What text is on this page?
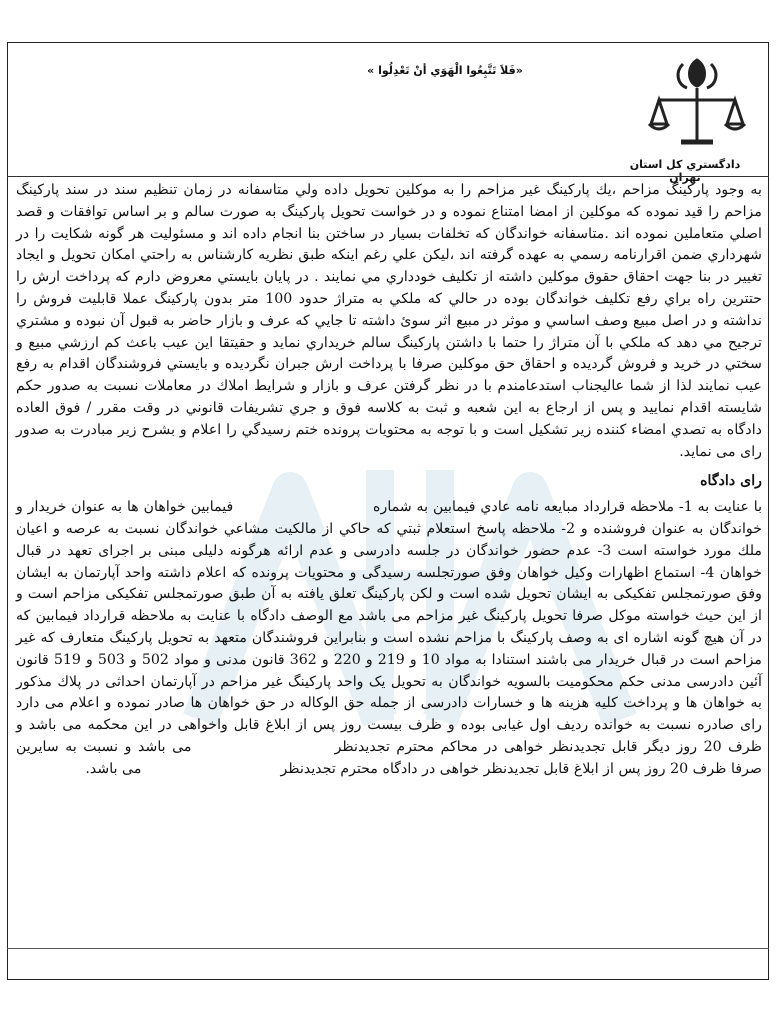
دادگستري كل استان تهران
«فَلاَ تَتَّبِعُوا الْهَوَي أنْ تَعْدِلُوا »

به وجود پاركينگ مزاحم ،يك پاركينگ غير مزاحم را به موكلين تحويل داده ولي متاسفانه در زمان تنظيم سند در سند پاركينگ مزاحم را قيد نموده كه موكلين از امضا امتناع نموده و در خواست تحويل پاركينگ به صورت سالم و بر اساس توافقات و قصد اصلي متعاملين نموده اند .متاسفانه خواندگان كه تخلفات بسيار در ساختن بنا انجام داده اند و مسئوليت هر گونه شكايت را در شهرداري ضمن اقرارنامه رسمي به عهده گرفته اند ،ليكن علي رغم اينكه طبق نظريه كارشناس به راحتي امكان تحويل و ايجاد تغيير در بنا جهت احقاق حقوق موكلين داشته از تكليف خودداري مي نمايند . در پايان بايستي معروض دارم كه پرداخت ارش را حتترين راه براي رفع تكليف خواندگان بوده در حالي كه ملكي به متراژ حدود 100 متر بدون پاركينگ عملا قابليت فروش را نداشته و در اصل مبيع وصف اساسي و موثر در مبيع اثر سوئ داشته تا جايي كه عرف و بازار حاضر به قبول آن نبوده و مشتري ترجيح مي دهد كه ملكي با آن متراژ را حتما با داشتن پاركينگ سالم خريداري نمايد و حقيتقا اين عيب باعث كم ارزشي مبيع و سختي در خريد و فروش گرديده و احقاق حق موكلين صرفا با پرداخت ارش جبران نگرديده و بايستي فروشندگان اقدام به رفع عيب نمايند لذا از شما عاليجناب استدعامندم با در نظر گرفتن عرف و بازار و شرايط املاك در معاملات نسبت به صدور حكم شايسته اقدام نماييد و پس از ارجاع به اين شعبه و ثبت به كلاسه فوق و جري تشريفات قانوني در وقت مقرر / فوق العاده دادگاه به تصدي امضاء كننده زير تشكيل است و با توجه به محتويات پرونده ختم رسيدگي را اعلام و بشرح زير مبادرت به صدور راى مى نمايد.

راى دادگاه

با عنايت به 1- ملاحظه قرارداد مبايعه نامه عادي فيمابين به شماره  فيمابين خواهان ها به عنوان خريدار و خواندگان به عنوان فروشنده و 2- ملاحظه پاسخ استعلام ثبتي كه حاكي از مالكيت مشاعي خواندگان نسبت به عرصه و اعيان ملك مورد خواسته است 3- عدم حضور خواندگان در جلسه دادرسى و عدم ارائه هرگونه دليلى مبنى بر اجراى تعهد در قبال خواهان 4- استماع اظهارات وكيل خواهان وفق صورتجلسه رسيدگى و محتويات پرونده كه اعلام داشته واحد آپارتمان به ايشان وفق صورتمجلس تفكيكى به ايشان تحويل شده است و لكن پاركينگ تعلق يافته به آن طبق صورتمجلس تفكيكى مزاحم است و از اين حيث خواسته موكل صرفا تحويل پاركينگ غير مزاحم مى باشد مع الوصف دادگاه با عنايت به ملاحظه قرارداد فيمابين كه در آن هيچ گونه اشاره اى به وصف پاركينگ با مزاحم نشده است و بنابراين فروشندگان متعهد به تحويل پاركينگ متعارف كه غير مزاحم است در قبال خريدار مى باشند استنادا به مواد 10 و 219 و 220 و 362 قانون مدنى و مواد 502 و 503 و 519 قانون آئين دادرسى مدنى حكم محكوميت بالسويه خواندگان به تحويل يک واحد پاركينگ غير مزاحم در آپارتمان احداثى در پلاك مذكور به خواهان ها و پرداخت كليه هزينه ها و خسارات دادرسى از جمله حق الوكاله در حق خواهان ها صادر نموده و اعلام مى دارد راى صادره نسبت به خوانده رديف اول غيابى بوده و ظرف بيست روز پس از ابلاغ قابل واخواهى در اين محكمه مى باشد و ظرف 20 روز ديگر قابل تجديدنظر خواهى در محاكم محترم تجديدنظر  مى باشد و نسبت به سايرين صرفا ظرف 20 روز پس از ابلاغ قابل تجديدنظر خواهى در دادگاه محترم تجديدنظر  مى باشد.
